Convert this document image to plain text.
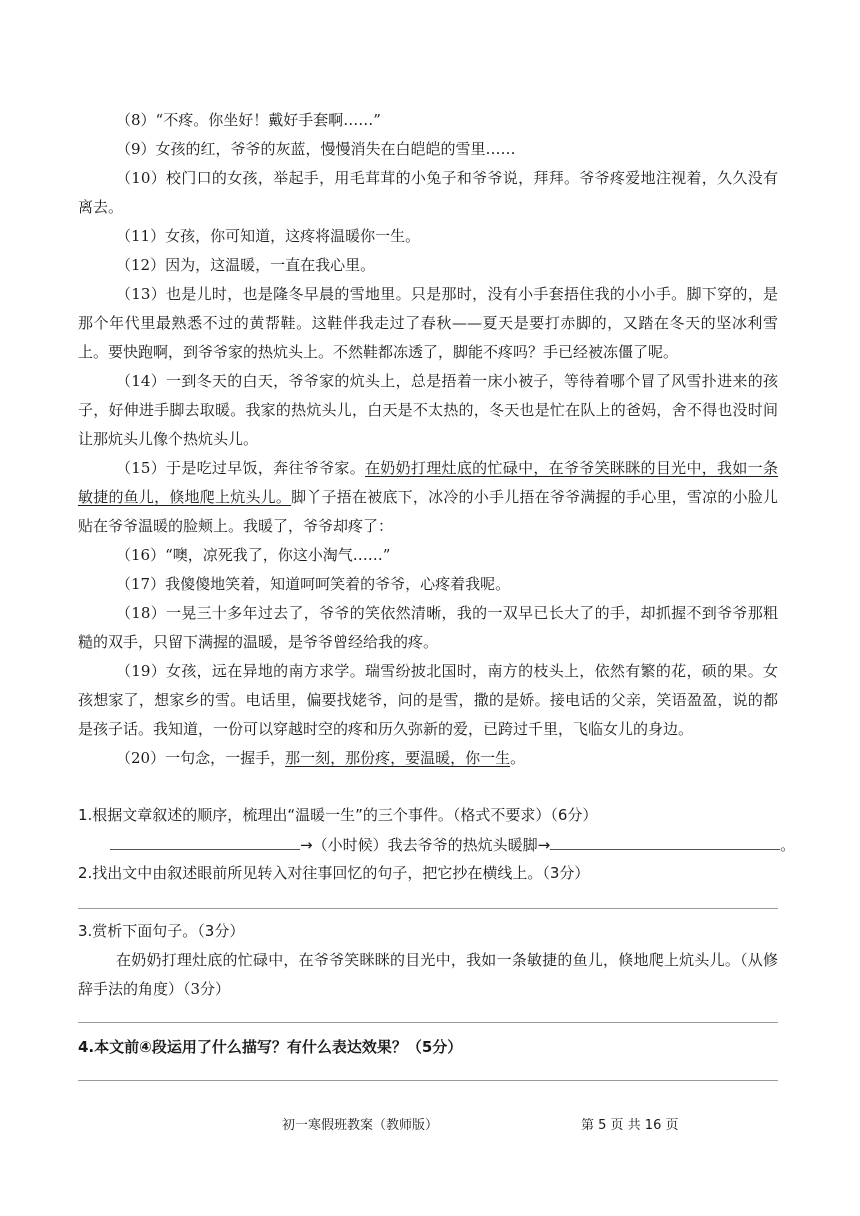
（8）“不疼。你坐好！戴好手套啊……”

（9）女孩的红，爷爷的灰蓝，慢慢消失在白皑皑的雪里……

（10）校门口的女孩，举起手，用毛茸茸的小兔子和爷爷说，拜拜。爷爷疼爱地注视着，久久没有离去。

（11）女孩，你可知道，这疼将温暖你一生。

（12）因为，这温暖，一直在我心里。

（13）也是儿时，也是隆冬早晨的雪地里。只是那时，没有小手套捂住我的小小手。脚下穿的，是那个年代里最熟悉不过的黄帮鞋。这鞋伴我走过了春秋——夏天是要打赤脚的，又踏在冬天的坚冰利雪上。要快跑啊，到爷爷家的热炕头上。不然鞋都冻透了，脚能不疼吗？手已经被冻僵了呢。

（14）一到冬天的白天，爷爷家的炕头上，总是捂着一床小被子，等待着哪个冒了风雪扑进来的孩子，好伸进手脚去取暖。我家的热炕头儿，白天是不太热的，冬天也是忙在队上的爸妈，舍不得也没时间让那炕头儿像个热炕头儿。

（15）于是吃过早饭，奔往爷爷家。在奶奶打理灶底的忙碌中，在爷爷笑眯眯的目光中，我如一条敏捷的鱼儿，倏地爬上炕头儿。脚丫子捂在被底下，冰冷的小手儿捂在爷爷满握的手心里，雪凉的小脸儿贴在爷爷温暖的脸颊上。我暖了，爷爷却疼了：

（16）“噢，凉死我了，你这小淘气……”

（17）我傻傻地笑着，知道呵呵笑着的爷爷，心疼着我呢。

（18）一晃三十多年过去了，爷爷的笑依然清晰，我的一双早已长大了的手，却抓握不到爷爷那粗糙的双手，只留下满握的温暖，是爷爷曾经给我的疼。

（19）女孩，远在异地的南方求学。瑞雪纷披北国时，南方的枝头上，依然有繁的花，硕的果。女孩想家了，想家乡的雪。电话里，偏要找姥爷，问的是雪，撒的是娇。接电话的父亲，笑语盈盈，说的都是孩子话。我知道，一份可以穿越时空的疼和历久弥新的爱，已跨过千里，飞临女儿的身边。

（20）一句念，一握手，那一刻，那份疼，要温暖，你一生。

1.根据文章叙述的顺序，梳理出“温暖一生”的三个事件。（格式不要求）（6分）

→（小时候）我去爷爷的热炕头暖脚→	。

2.找出文中由叙述眼前所见转入对往事回忆的句子，把它抄在横线上。（3分）

3.赏析下面句子。（3分）

在奶奶打理灶底的忙碌中，在爷爷笑眯眯的目光中，我如一条敏捷的鱼儿，倏地爬上炕头儿。（从修辞手法的角度）（3分）

4.本文前④段运用了什么描写？有什么表达效果？（5分）

初一寒假班教案（教师版）	第 5 页 共 16 页
